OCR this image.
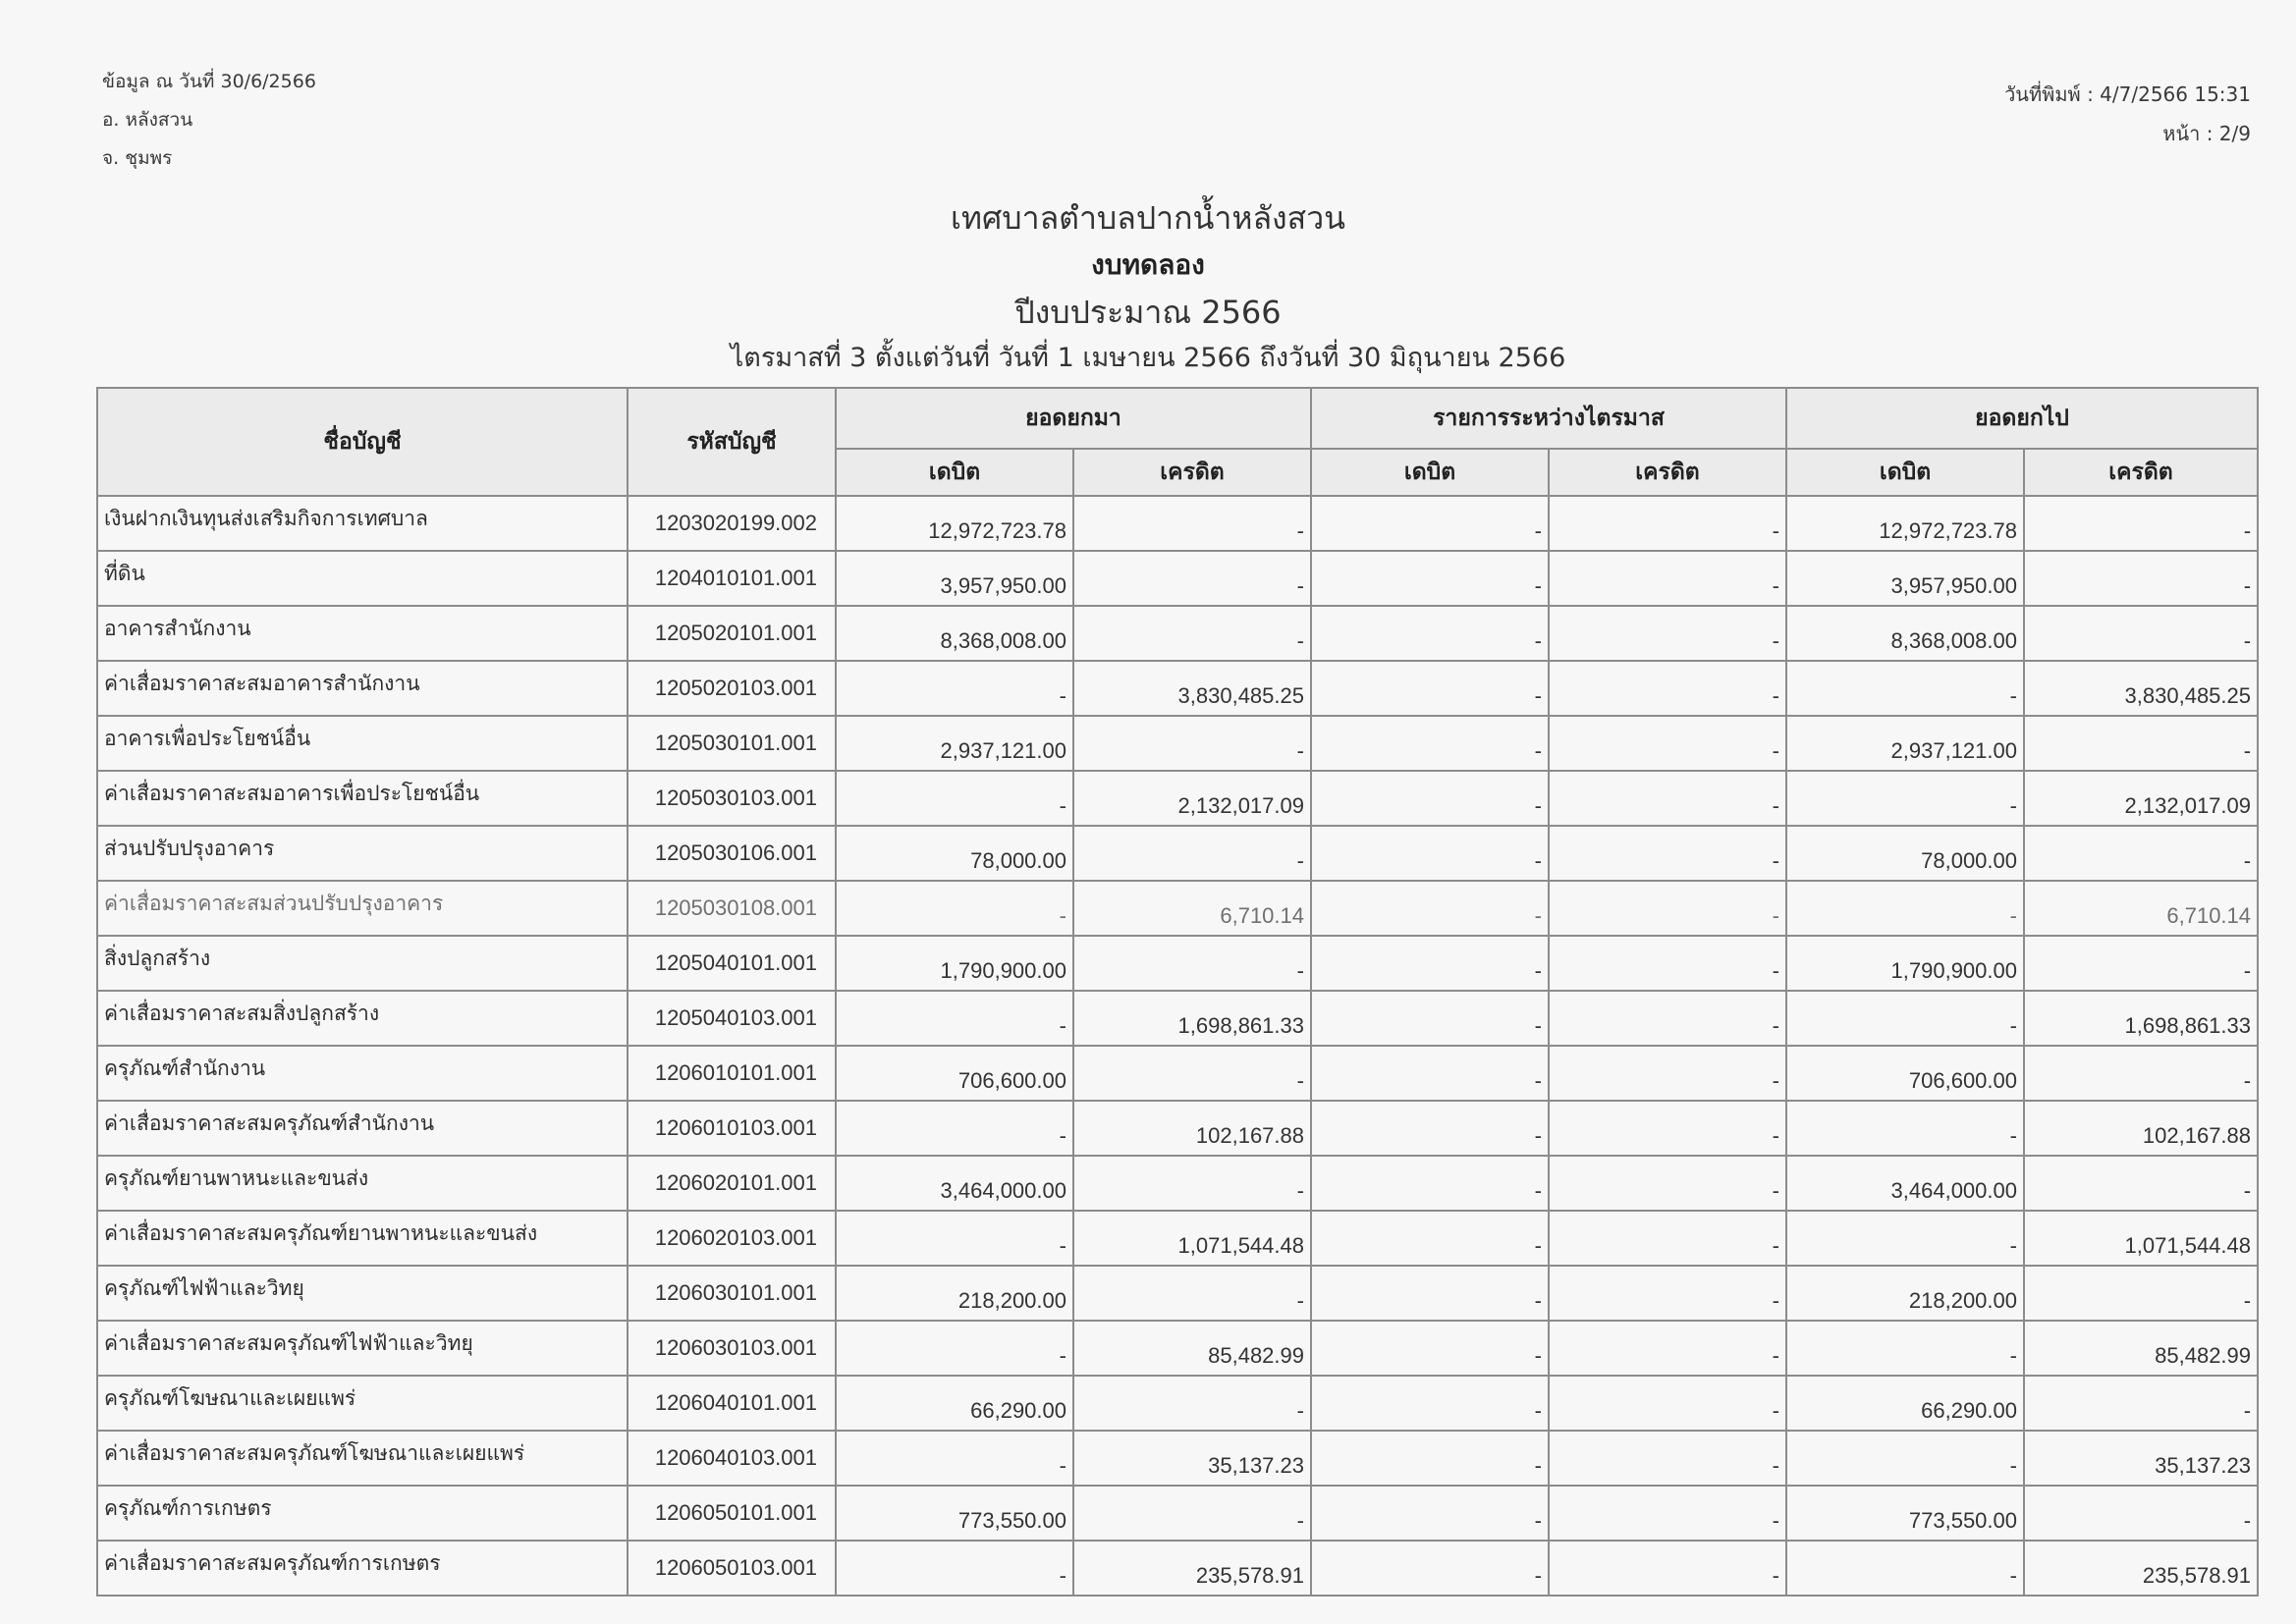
ข้อมูล ณ วันที่ 30/6/2566
อ. หลังสวน
จ. ชุมพร
วันที่พิมพ์ : 4/7/2566 15:31
หน้า : 2/9
เทศบาลตำบลปากน้ำหลังสวน
งบทดลอง
ปีงบประมาณ 2566
ไตรมาสที่ 3 ตั้งแต่วันที่ วันที่ 1 เมษายน 2566 ถึงวันที่ 30 มิถุนายน 2566
ชื่อบัญชี	รหัสบัญชี	ยอดยกมา		รายการระหว่างไตรมาส		ยอดยกไป	
		เดบิต	เครดิต	เดบิต	เครดิต	เดบิต	เครดิต
เงินฝากเงินทุนส่งเสริมกิจการเทศบาล	1203020199.002	12,972,723.78	-	-	-	12,972,723.78	-
ที่ดิน	1204010101.001	3,957,950.00	-	-	-	3,957,950.00	-
อาคารสำนักงาน	1205020101.001	8,368,008.00	-	-	-	8,368,008.00	-
ค่าเสื่อมราคาสะสมอาคารสำนักงาน	1205020103.001	-	3,830,485.25	-	-	-	3,830,485.25
อาคารเพื่อประโยชน์อื่น	1205030101.001	2,937,121.00	-	-	-	2,937,121.00	-
ค่าเสื่อมราคาสะสมอาคารเพื่อประโยชน์อื่น	1205030103.001	-	2,132,017.09	-	-	-	2,132,017.09
ส่วนปรับปรุงอาคาร	1205030106.001	78,000.00	-	-	-	78,000.00	-
ค่าเสื่อมราคาสะสมส่วนปรับปรุงอาคาร	1205030108.001	-	6,710.14	-	-	-	6,710.14
สิ่งปลูกสร้าง	1205040101.001	1,790,900.00	-	-	-	1,790,900.00	-
ค่าเสื่อมราคาสะสมสิ่งปลูกสร้าง	1205040103.001	-	1,698,861.33	-	-	-	1,698,861.33
ครุภัณฑ์สำนักงาน	1206010101.001	706,600.00	-	-	-	706,600.00	-
ค่าเสื่อมราคาสะสมครุภัณฑ์สำนักงาน	1206010103.001	-	102,167.88	-	-	-	102,167.88
ครุภัณฑ์ยานพาหนะและขนส่ง	1206020101.001	3,464,000.00	-	-	-	3,464,000.00	-
ค่าเสื่อมราคาสะสมครุภัณฑ์ยานพาหนะและขนส่ง	1206020103.001	-	1,071,544.48	-	-	-	1,071,544.48
ครุภัณฑ์ไฟฟ้าและวิทยุ	1206030101.001	218,200.00	-	-	-	218,200.00	-
ค่าเสื่อมราคาสะสมครุภัณฑ์ไฟฟ้าและวิทยุ	1206030103.001	-	85,482.99	-	-	-	85,482.99
ครุภัณฑ์โฆษณาและเผยแพร่	1206040101.001	66,290.00	-	-	-	66,290.00	-
ค่าเสื่อมราคาสะสมครุภัณฑ์โฆษณาและเผยแพร่	1206040103.001	-	35,137.23	-	-	-	35,137.23
ครุภัณฑ์การเกษตร	1206050101.001	773,550.00	-	-	-	773,550.00	-
ค่าเสื่อมราคาสะสมครุภัณฑ์การเกษตร	1206050103.001	-	235,578.91	-	-	-	235,578.91
